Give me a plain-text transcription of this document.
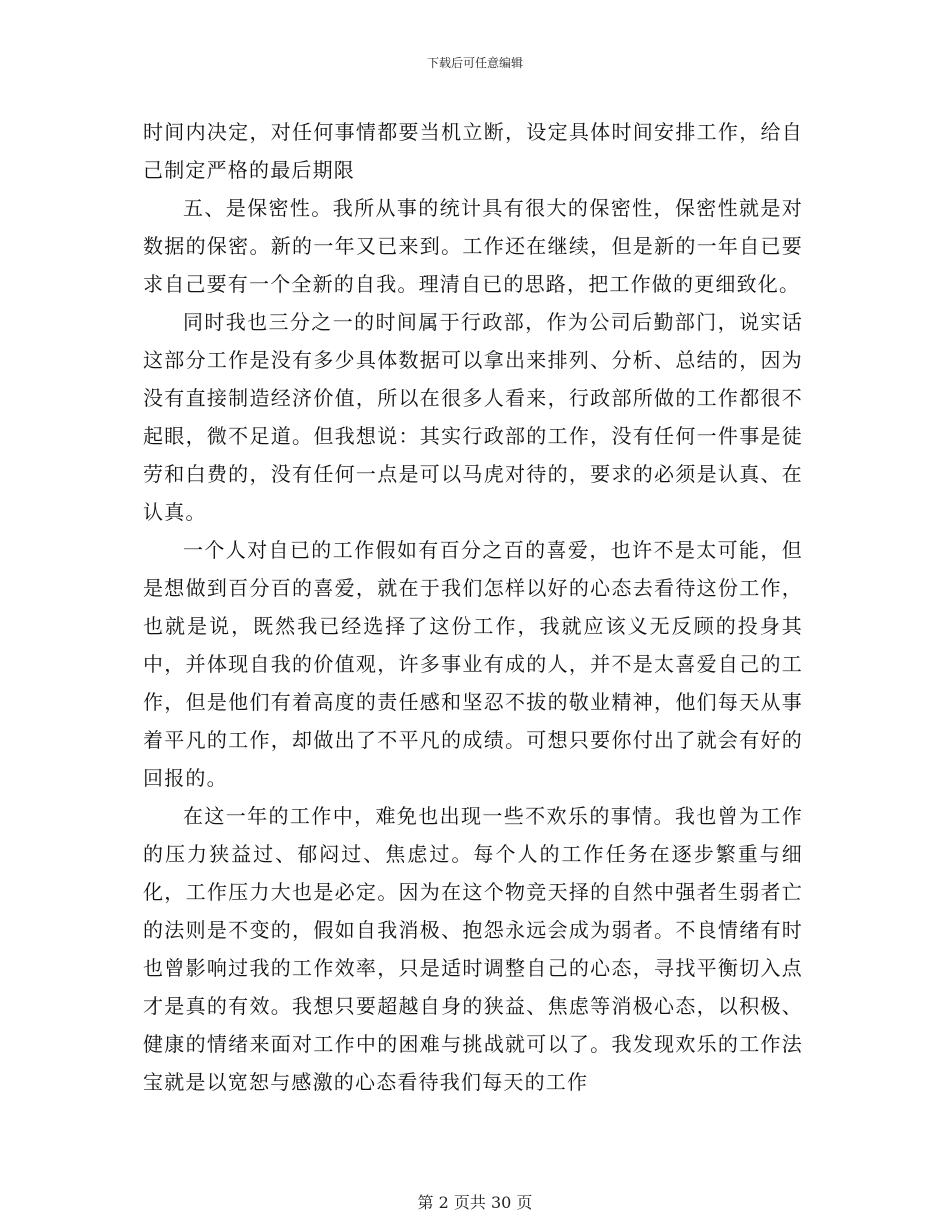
下载后可任意编辑

时间内决定，对任何事情都要当机立断，设定具体时间安排工作，给自己制定严格的最后期限

五、是保密性。我所从事的统计具有很大的保密性，保密性就是对数据的保密。新的一年又已来到。工作还在继续，但是新的一年自已要求自己要有一个全新的自我。理清自已的思路，把工作做的更细致化。

同时我也三分之一的时间属于行政部，作为公司后勤部门，说实话这部分工作是没有多少具体数据可以拿出来排列、分析、总结的，因为没有直接制造经济价值，所以在很多人看来，行政部所做的工作都很不起眼，微不足道。但我想说：其实行政部的工作，没有任何一件事是徒劳和白费的，没有任何一点是可以马虎对待的，要求的必须是认真、在认真。

一个人对自已的工作假如有百分之百的喜爱，也许不是太可能，但是想做到百分百的喜爱，就在于我们怎样以好的心态去看待这份工作，也就是说，既然我已经选择了这份工作，我就应该义无反顾的投身其中，并体现自我的价值观，许多事业有成的人，并不是太喜爱自己的工作，但是他们有着高度的责任感和坚忍不拔的敬业精神，他们每天从事着平凡的工作，却做出了不平凡的成绩。可想只要你付出了就会有好的回报的。

在这一年的工作中，难免也出现一些不欢乐的事情。我也曾为工作的压力狭益过、郁闷过、焦虑过。每个人的工作任务在逐步繁重与细化，工作压力大也是必定。因为在这个物竞天择的自然中强者生弱者亡的法则是不变的，假如自我消极、抱怨永远会成为弱者。不良情绪有时也曾影响过我的工作效率，只是适时调整自己的心态，寻找平衡切入点才是真的有效。我想只要超越自身的狭益、焦虑等消极心态，以积极、健康的情绪来面对工作中的困难与挑战就可以了。我发现欢乐的工作法宝就是以宽恕与感激的心态看待我们每天的工作

第 2 页共 30 页
